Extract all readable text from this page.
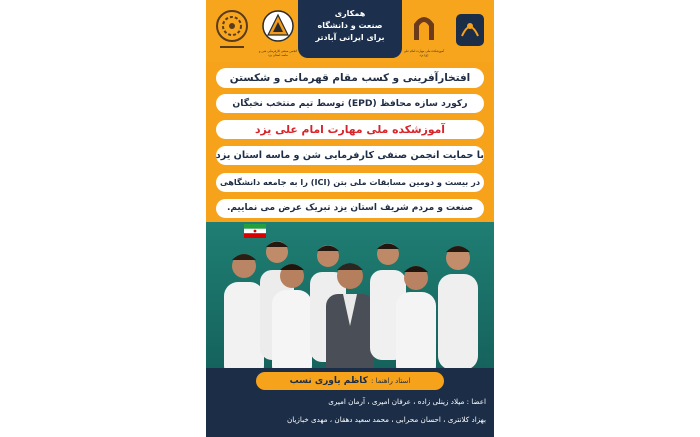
انجمن صنفی کارفرمایی شن و ماسه استان یزد
همکاری
صنعت و دانشگاه
برای ایرانی آبادتر
آموزشکده ملی مهارت امام علی (ع) یزد
افتخارآفرینی و کسب مقام قهرمانی و شکستن
رکورد سازه محافظ (EPD) توسط تیم منتخب نخبگان
آموزشکده ملی مهارت امام علی یزد
با حمایت انجمن صنفی کارفرمایی شن و ماسه استان یزد
در بیست و دومین مسابقات ملی بتن (ICI) را به جامعه دانشگاهی
صنعت و مردم شریف استان یزد تبریک عرض می نماییم.
استاد راهنما : کاظم یاوری نسب
اعضا : میلاد زینلی زاده ، عرفان امیری ، آرمان امیری
بهزاد کلانتری ، احسان محرابی ، محمد سعید دهقان ، مهدی خبازیان
